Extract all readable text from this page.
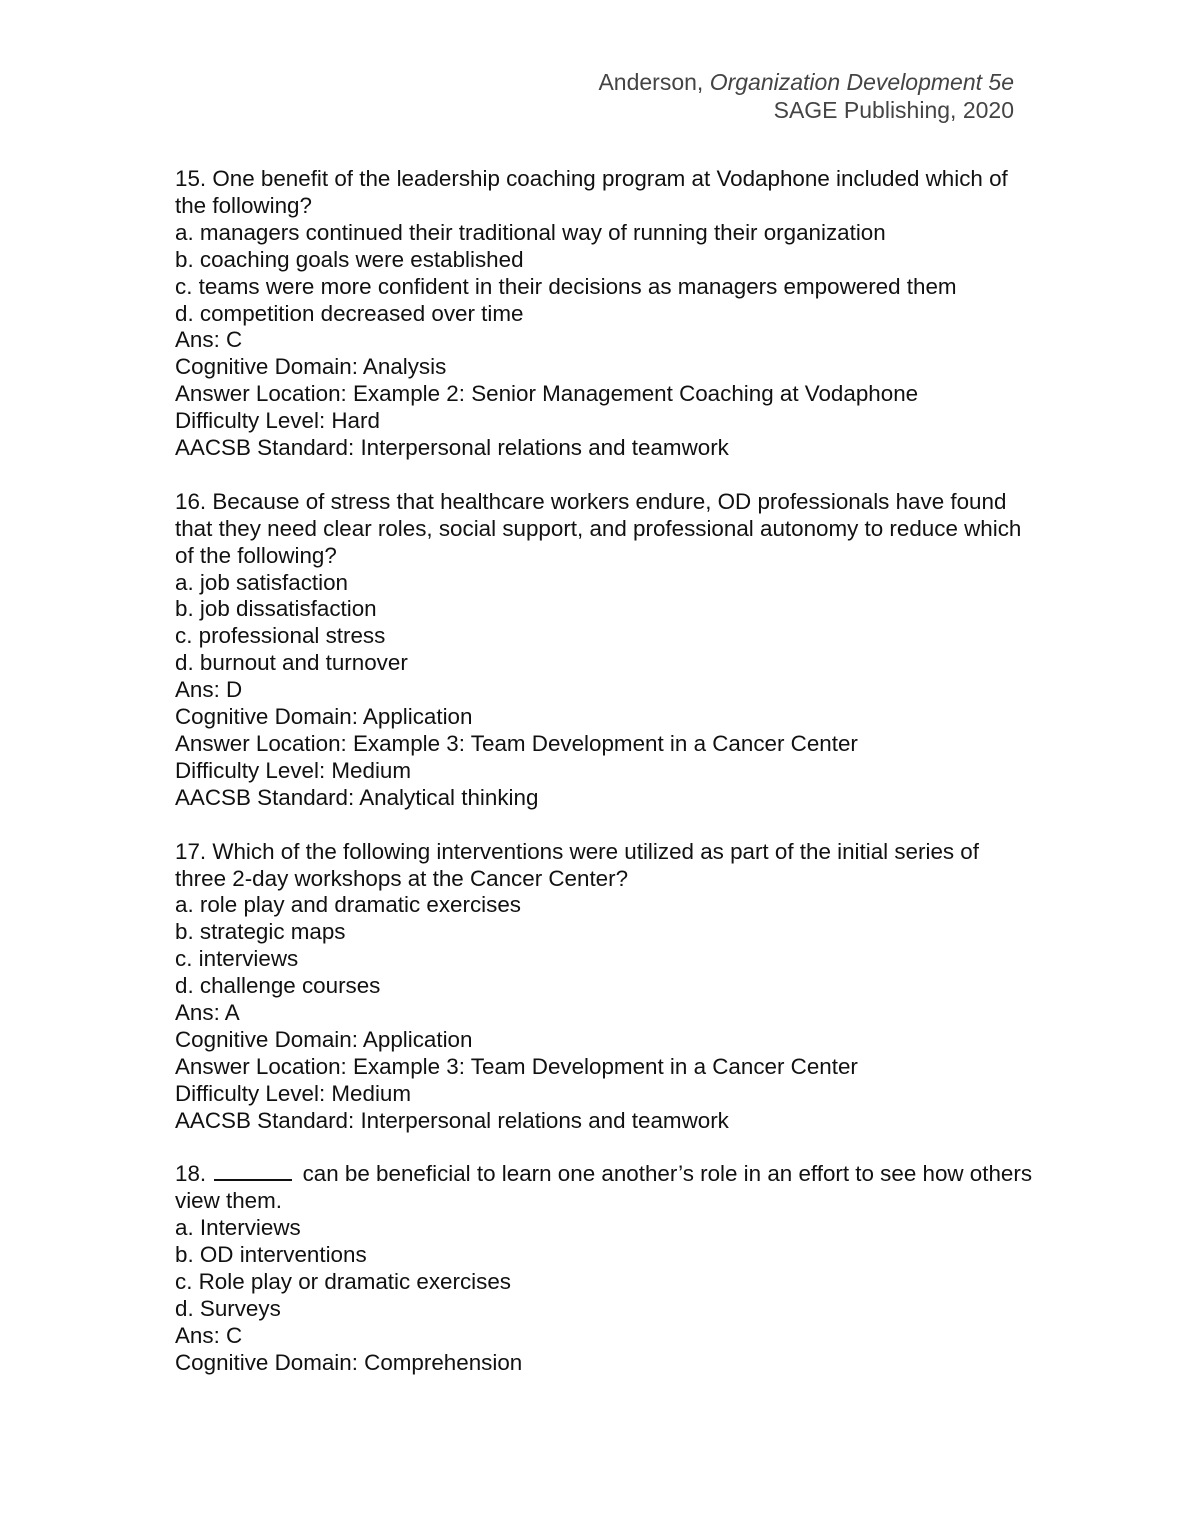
Anderson, Organization Development 5e
SAGE Publishing, 2020
15. One benefit of the leadership coaching program at Vodaphone included which of the following?
a. managers continued their traditional way of running their organization
b. coaching goals were established
c. teams were more confident in their decisions as managers empowered them
d. competition decreased over time
Ans: C
Cognitive Domain: Analysis
Answer Location: Example 2: Senior Management Coaching at Vodaphone
Difficulty Level: Hard
AACSB Standard: Interpersonal relations and teamwork
16. Because of stress that healthcare workers endure, OD professionals have found that they need clear roles, social support, and professional autonomy to reduce which of the following?
a. job satisfaction
b. job dissatisfaction
c. professional stress
d. burnout and turnover
Ans: D
Cognitive Domain: Application
Answer Location: Example 3: Team Development in a Cancer Center
Difficulty Level: Medium
AACSB Standard: Analytical thinking
17. Which of the following interventions were utilized as part of the initial series of three 2-day workshops at the Cancer Center?
a. role play and dramatic exercises
b. strategic maps
c. interviews
d. challenge courses
Ans: A
Cognitive Domain: Application
Answer Location: Example 3: Team Development in a Cancer Center
Difficulty Level: Medium
AACSB Standard: Interpersonal relations and teamwork
18.	can be beneficial to learn one another’s role in an effort to see how others view them.
a. Interviews
b. OD interventions
c. Role play or dramatic exercises
d. Surveys
Ans: C
Cognitive Domain: Comprehension
